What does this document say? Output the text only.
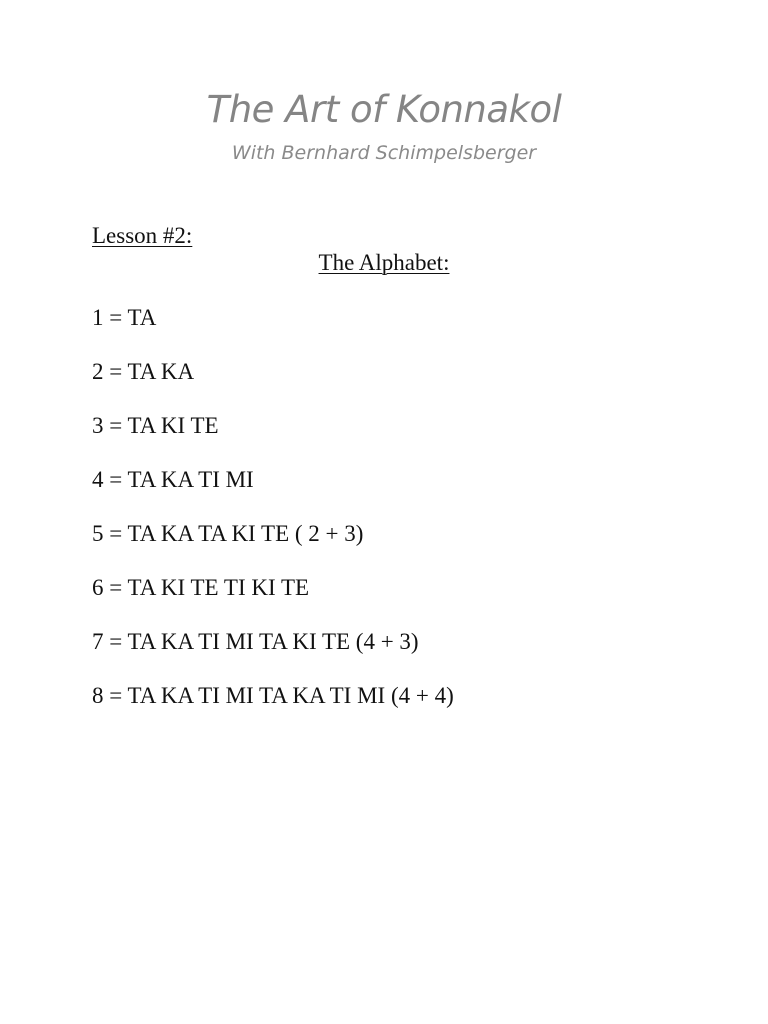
The Art of Konnakol
With Bernhard Schimpelsberger
Lesson #2:
The Alphabet:
1 = TA
2 = TA KA
3 = TA KI TE
4 = TA KA TI MI
5 = TA KA TA KI TE ( 2 + 3)
6 = TA KI TE TI KI TE
7 = TA KA TI MI TA KI TE (4 + 3)
8 = TA KA TI MI TA KA TI MI (4 + 4)
